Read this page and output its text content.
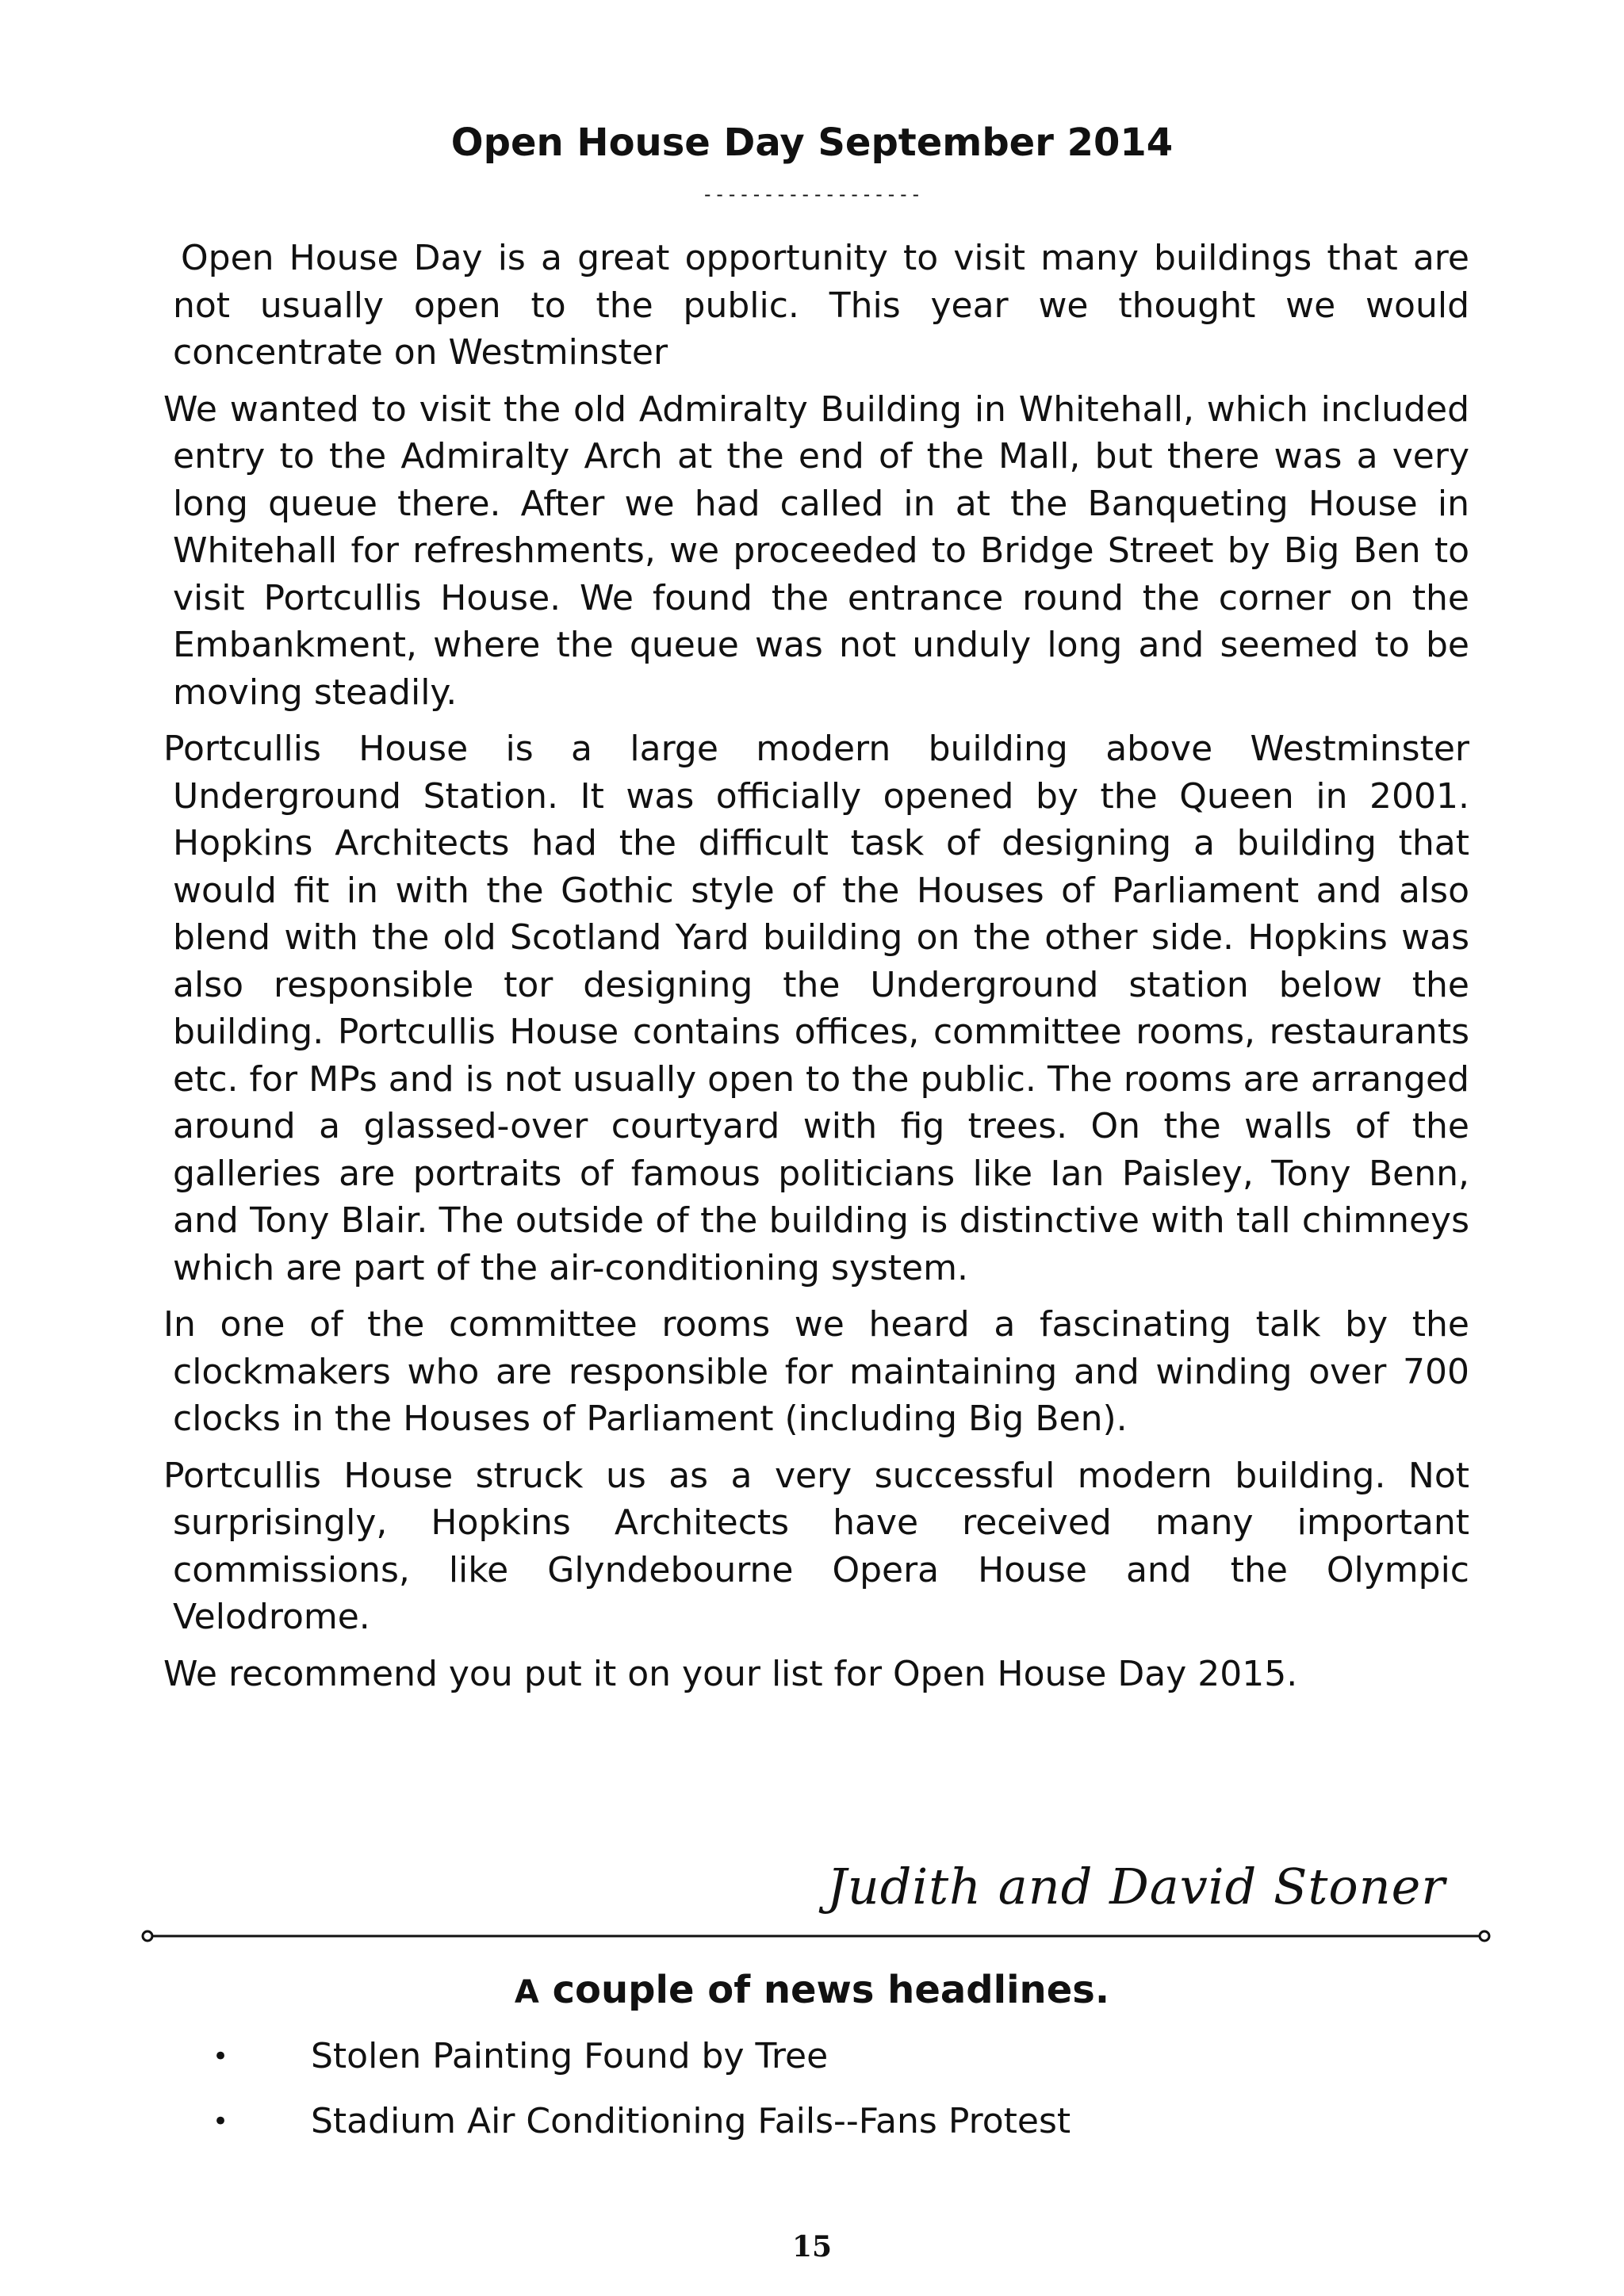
Open House Day September 2014
------------------

Open House Day is a great opportunity to visit many buildings that are not usually open to the public. This year we thought we would concentrate on Westminster

We wanted to visit the old Admiralty Building in Whitehall, which included entry to the Admiralty Arch at the end of the Mall, but there was a very long queue there. After we had called in at the Banqueting House in Whitehall for refreshments, we proceeded to Bridge Street by Big Ben to visit Portcullis House. We found the entrance round the corner on the Embankment, where the queue was not unduly long and seemed to be moving steadily.

Portcullis House is a large modern building above Westminster Underground Station. It was officially opened by the Queen in 2001. Hopkins Architects had the difficult task of designing a building that would fit in with the Gothic style of the Houses of Parliament and also blend with the old Scotland Yard building on the other side. Hopkins was also responsible tor designing the Underground station below the building. Portcullis House contains offices, committee rooms, restaurants etc. for MPs and is not usually open to the public. The rooms are arranged around a glassed-over courtyard with fig trees. On the walls of the galleries are portraits of famous politicians like Ian Paisley, Tony Benn, and Tony Blair. The outside of the building is distinctive with tall chimneys which are part of the air-conditioning system.

In one of the committee rooms we heard a fascinating talk by the clockmakers who are responsible for maintaining and winding over 700 clocks in the Houses of Parliament (including Big Ben).

Portcullis House struck us as a very successful modern building. Not surprisingly, Hopkins Architects have received many important commissions, like Glyndebourne Opera House and the Olympic Velodrome.

We recommend you put it on your list for Open House Day 2015.

Judith and David Stoner
A couple of news headlines.
• Stolen Painting Found by Tree
• Stadium Air Conditioning Fails--Fans Protest
15
